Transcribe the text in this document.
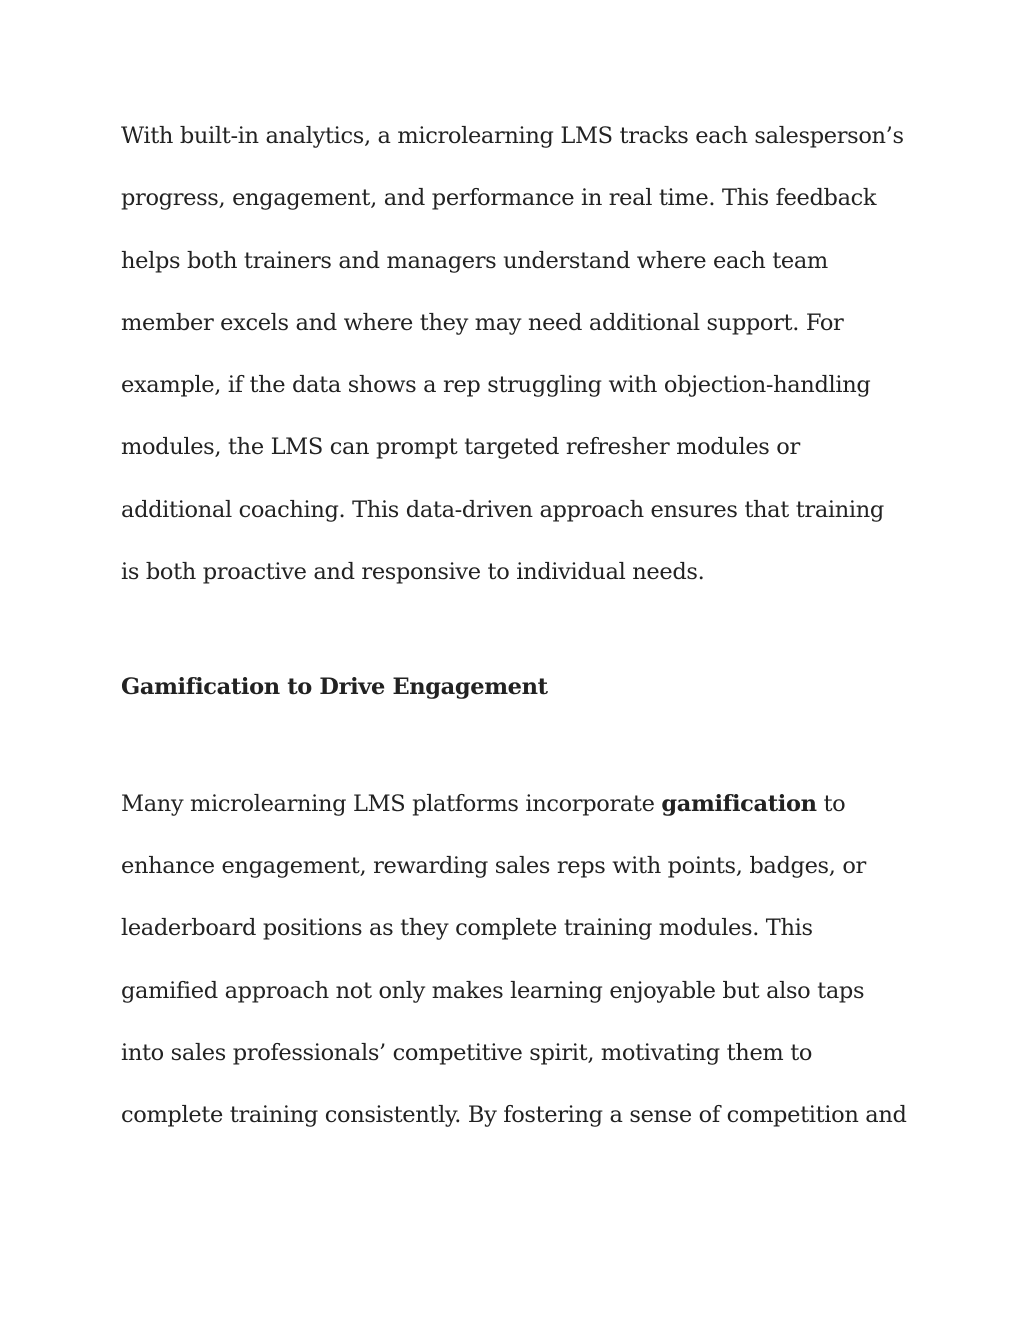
With built-in analytics, a microlearning LMS tracks each salesperson’s
progress, engagement, and performance in real time. This feedback
helps both trainers and managers understand where each team
member excels and where they may need additional support. For
example, if the data shows a rep struggling with objection-handling
modules, the LMS can prompt targeted refresher modules or
additional coaching. This data-driven approach ensures that training
is both proactive and responsive to individual needs.
Gamification to Drive Engagement
Many microlearning LMS platforms incorporate gamification to
enhance engagement, rewarding sales reps with points, badges, or
leaderboard positions as they complete training modules. This
gamified approach not only makes learning enjoyable but also taps
into sales professionals’ competitive spirit, motivating them to
complete training consistently. By fostering a sense of competition and
